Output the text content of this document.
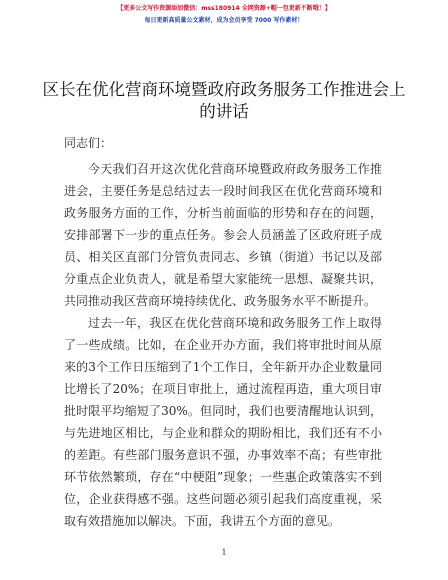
【更多公文写作资源添加微信：mss180914 全网资源+帽一包更新不断哦！】
每日更新高质量公文素材，成为会员享受 7000 写作素材！
区长在优化营商环境暨政府政务服务工作推进会上的讲话

同志们：

今天我们召开这次优化营商环境暨政府政务服务工作推进会，主要任务是总结过去一段时间我区在优化营商环境和政务服务方面的工作，分析当前面临的形势和存在的问题，安排部署下一步的重点任务。参会人员涵盖了区政府班子成员、相关区直部门分管负责同志、乡镇（街道）书记以及部分重点企业负责人，就是希望大家能统一思想、凝聚共识，共同推动我区营商环境持续优化、政务服务水平不断提升。

过去一年，我区在优化营商环境和政务服务工作上取得了一些成绩。比如，在企业开办方面，我们将审批时间从原来的3个工作日压缩到了1个工作日，全年新开办企业数量同比增长了20%；在项目审批上，通过流程再造，重大项目审批时限平均缩短了30%。但同时，我们也要清醒地认识到，与先进地区相比，与企业和群众的期盼相比，我们还有不小的差距。有些部门服务意识不强，办事效率不高；有些审批环节依然繁琐，存在“中梗阻”现象；一些惠企政策落实不到位，企业获得感不强。这些问题必须引起我们高度重视，采取有效措施加以解决。下面，我讲五个方面的意见。

1
